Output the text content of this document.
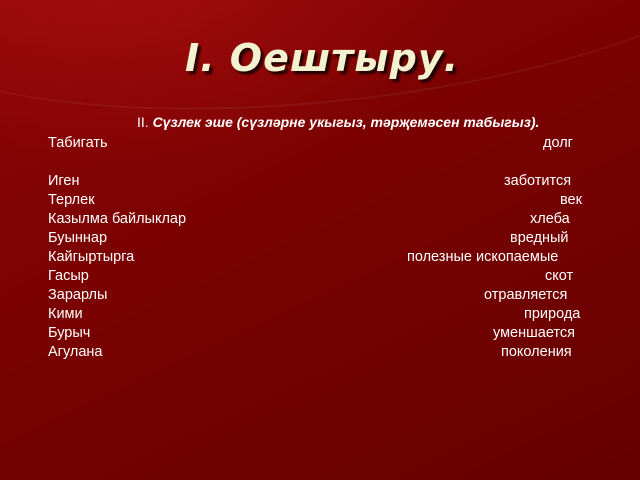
I. Оештыру.
II. Сүзлек эше (сүзләрне укыгыз, тәрҗемәсен табыгыз).
Табигать	долг
Иген	заботится
Терлек	век
Казылма байлыклар	хлеба
Буыннар	вредный
Кайгыртырга	полезные ископаемые
Гасыр	скот
Зарарлы	отравляется
Кими	природа
Бурыч	уменшается
Агулана	поколения
